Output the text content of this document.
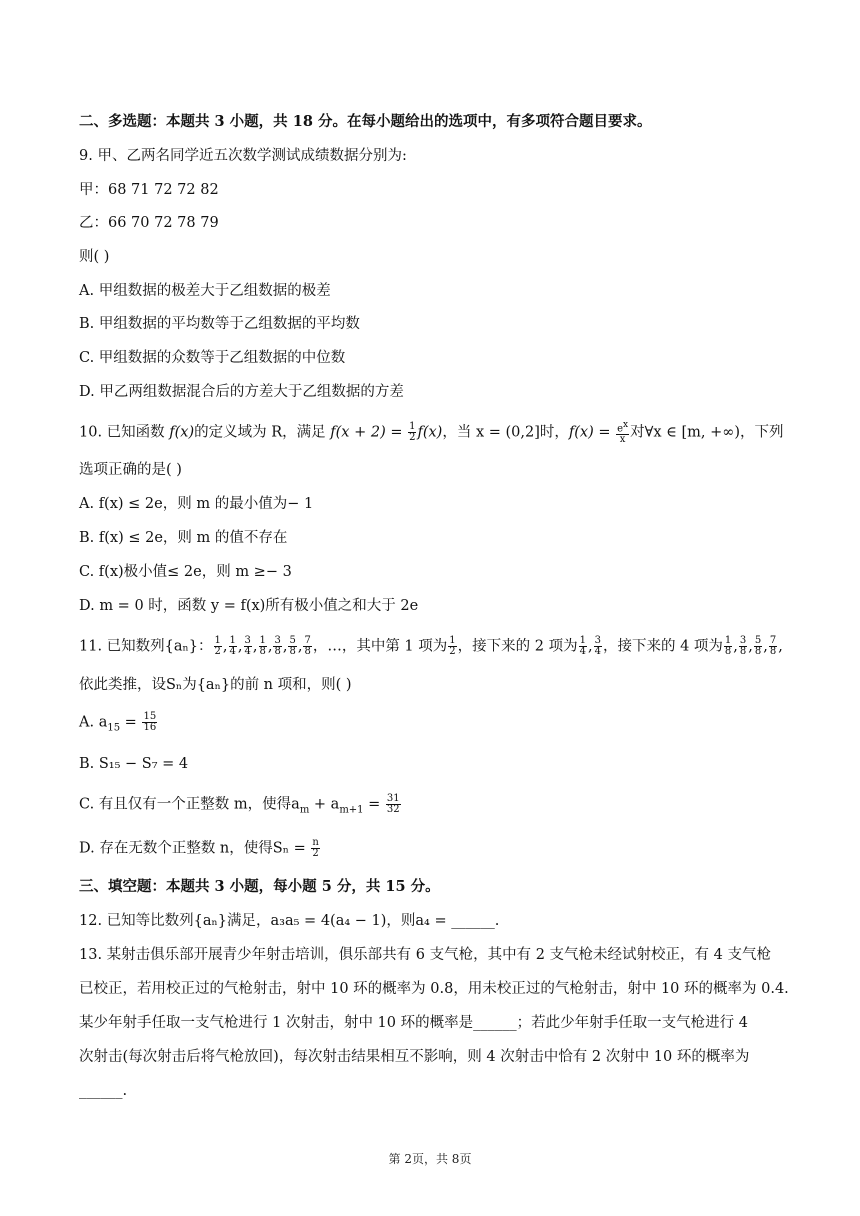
二、多选题：本题共 3 小题，共 18 分。在每小题给出的选项中，有多项符合题目要求。
9. 甲、乙两名同学近五次数学测试成绩数据分别为:
甲：68 71 72 72 82
乙：66 70 72 78 79
则( )
A. 甲组数据的极差大于乙组数据的极差
B. 甲组数据的平均数等于乙组数据的平均数
C. 甲组数据的众数等于乙组数据的中位数
D. 甲乙两组数据混合后的方差大于乙组数据的方差
10. 已知函数 f(x)的定义域为 R，满足 $f(x + 2) = \frac{1}{2} f(x)$，当 x = (0,2]时，$f(x) = \frac{e^x}{x}$ 对∀x ∈ [m, +∞)，下列
选项正确的是( )
A. f(x) ≤ 2e，则 m 的最小值为− 1
B. f(x) ≤ 2e，则 m 的值不存在
C. f(x)极小值≤ 2e，则 m ≥− 3
D. m = 0 时，函数 y = f(x)所有极小值之和大于 2e
11. 已知数列{aₙ}： $\frac{1}{2}$ , $\frac{1}{4}$ , $\frac{3}{4}$ , $\frac{1}{8}$ , $\frac{3}{8}$ , $\frac{5}{8}$ , $\frac{7}{8}$ ，…，其中第 1 项为 $\frac{1}{2}$ ，接下来的 2 项为 $\frac{1}{4}$ , $\frac{3}{4}$ ，接下来的 4 项为 $\frac{1}{8}$ , $\frac{3}{8}$ , $\frac{5}{8}$ , $\frac{7}{8}$ ,
依此类推，设Sₙ为{aₙ}的前 n 项和，则( )
A. $a_{15} = \frac{15}{16}$
B. S₁₅ − S₇ = 4
C. 有且仅有一个正整数 m，使得$a_m + a_{m+1} = \frac{31}{32}$
D. 存在无数个正整数 n，使得$S_n = \frac{n}{2}$
三、填空题：本题共 3 小题，每小题 5 分，共 15 分。
12. 已知等比数列{aₙ}满足，a₃a₅ = 4(a₄ − 1)，则a₄ = ______.
13. 某射击俱乐部开展青少年射击培训，俱乐部共有 6 支气枪，其中有 2 支气枪未经试射校正，有 4 支气枪
已校正，若用校正过的气枪射击，射中 10 环的概率为 0.8，用未校正过的气枪射击，射中 10 环的概率为 0.4.
某少年射手任取一支气枪进行 1 次射击，射中 10 环的概率是______；若此少年射手任取一支气枪进行 4
次射击(每次射击后将气枪放回)，每次射击结果相互不影响，则 4 次射击中恰有 2 次射中 10 环的概率为
______.
第 2页，共 8页
